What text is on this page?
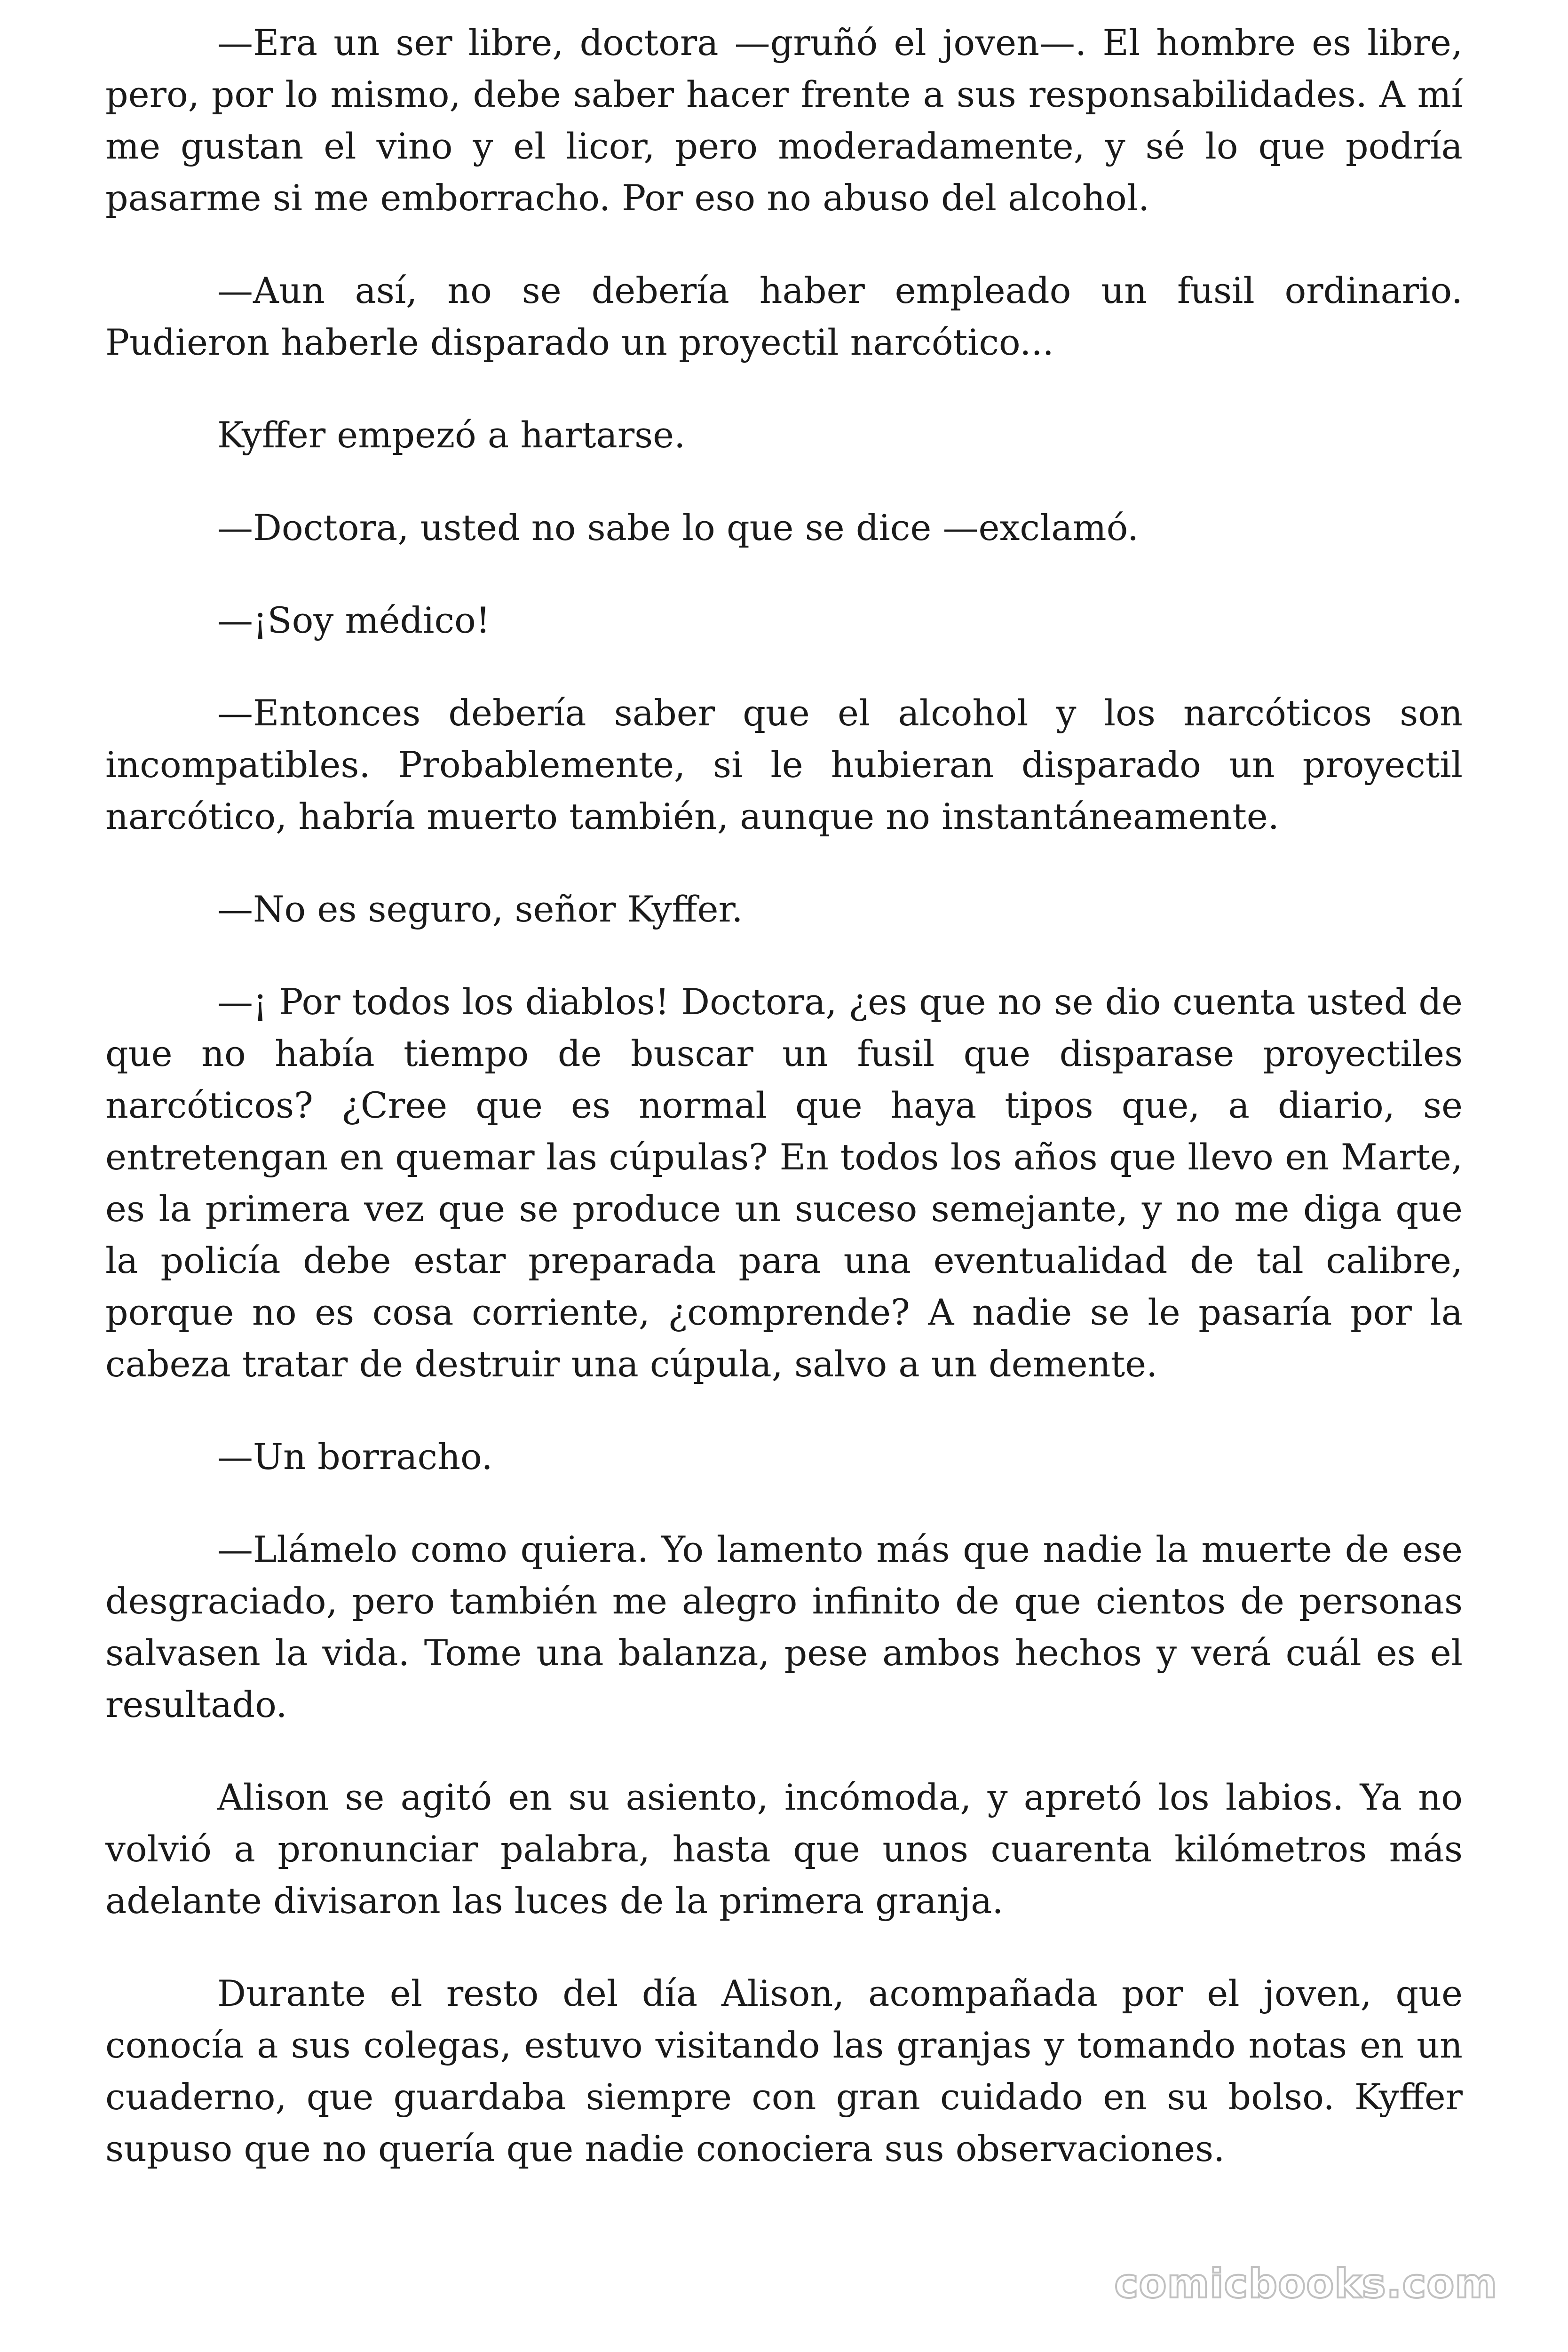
—Era un ser libre, doctora —gruñó el joven—. El hombre es libre, pero, por lo mismo, debe saber hacer frente a sus responsabilidades. A mí me gustan el vino y el licor, pero moderadamente, y sé lo que podría pasarme si me emborracho. Por eso no abuso del alcohol.

—Aun así, no se debería haber empleado un fusil ordinario. Pudieron haberle disparado un proyectil narcótico...

Kyffer empezó a hartarse.

—Doctora, usted no sabe lo que se dice —exclamó.

—¡Soy médico!

—Entonces debería saber que el alcohol y los narcóticos son incompatibles. Probablemente, si le hubieran disparado un proyectil narcótico, habría muerto también, aunque no instantáneamente.

—No es seguro, señor Kyffer.

—¡ Por todos los diablos! Doctora, ¿es que no se dio cuenta usted de que no había tiempo de buscar un fusil que disparase proyectiles narcóticos? ¿Cree que es normal que haya tipos que, a diario, se entretengan en quemar las cúpulas? En todos los años que llevo en Marte, es la primera vez que se produce un suceso semejante, y no me diga que la policía debe estar preparada para una eventualidad de tal calibre, porque no es cosa corriente, ¿comprende? A nadie se le pasaría por la cabeza tratar de destruir una cúpula, salvo a un demente.

—Un borracho.

—Llámelo como quiera. Yo lamento más que nadie la muerte de ese desgraciado, pero también me alegro infinito de que cientos de personas salvasen la vida. Tome una balanza, pese ambos hechos y verá cuál es el resultado.

Alison se agitó en su asiento, incómoda, y apretó los labios. Ya no volvió a pronunciar palabra, hasta que unos cuarenta kilómetros más adelante divisaron las luces de la primera granja.

Durante el resto del día Alison, acompañada por el joven, que conocía a sus colegas, estuvo visitando las granjas y tomando notas en un cuaderno, que guardaba siempre con gran cuidado en su bolso. Kyffer supuso que no quería que nadie conociera sus observaciones.

comicbooks.com
